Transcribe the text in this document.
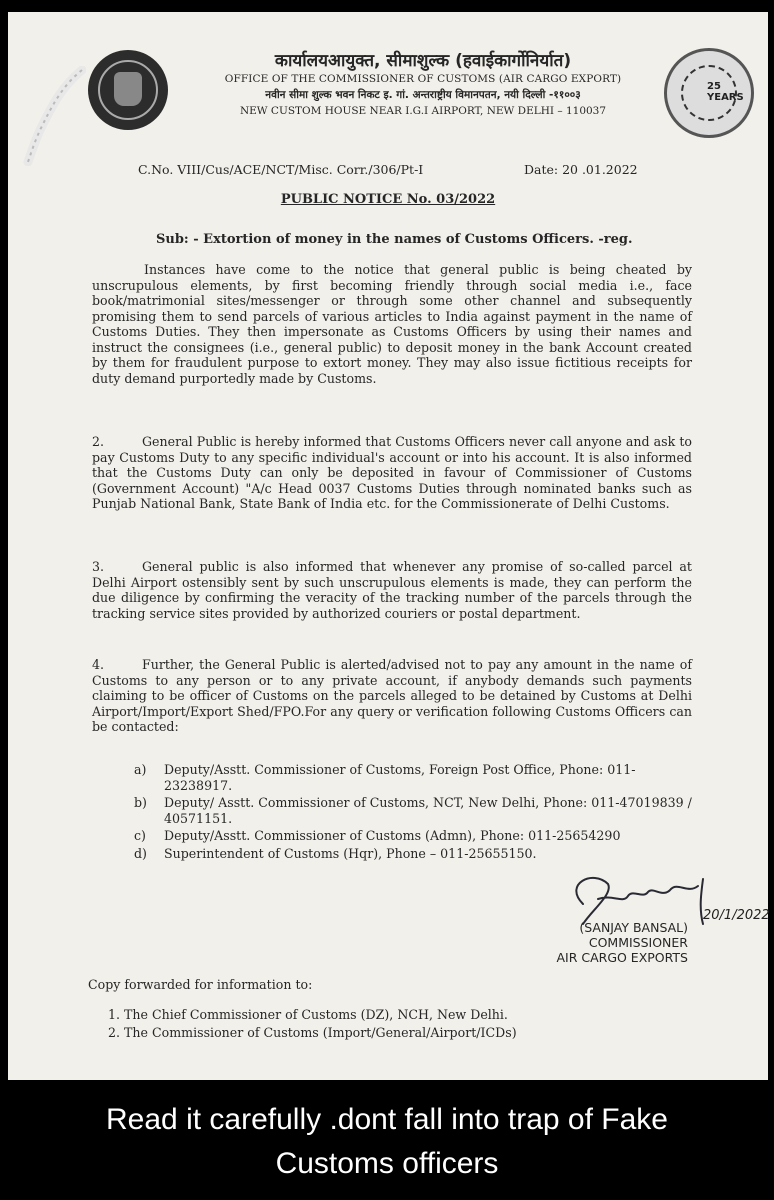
कार्यालयआयुक्त, सीमाशुल्क (हवाईकार्गोनिर्यात)

OFFICE OF THE COMMISSIONER OF CUSTOMS (AIR CARGO EXPORT)

नवीन सीमा शुल्क भवन निकट इ. गां. अन्तराष्ट्रीय विमानपतन, नयी दिल्ली -११००३

NEW CUSTOM HOUSE NEAR I.G.I AIRPORT, NEW DELHI – 110037

25 YEARS
C.No. VIII/Cus/ACE/NCT/Misc. Corr./306/Pt-I	Date: 20 .01.2022
PUBLIC NOTICE No. 03/2022
Sub: - Extortion of money in the names of Customs Officers. -reg.

Instances have come to the notice that general public is being cheated by unscrupulous elements, by first becoming friendly through social media i.e., face book/matrimonial sites/messenger or through some other channel and subsequently promising them to send parcels of various articles to India against payment in the name of Customs Duties. They then impersonate as Customs Officers by using their names and instruct the consignees (i.e., general public) to deposit money in the bank Account created by them for fraudulent purpose to extort money. They may also issue fictitious receipts for duty demand purportedly made by Customs.

2.	General Public is hereby informed that Customs Officers never call anyone and ask to pay Customs Duty to any specific individual's account or into his account. It is also informed that the Customs Duty can only be deposited in favour of Commissioner of Customs (Government Account) "A/c Head 0037 Customs Duties through nominated banks such as Punjab National Bank, State Bank of India etc. for the Commissionerate of Delhi Customs.

3.	General public is also informed that whenever any promise of so-called parcel at Delhi Airport ostensibly sent by such unscrupulous elements is made, they can perform the due diligence by confirming the veracity of the tracking number of the parcels through the tracking service sites provided by authorized couriers or postal department.

4.	Further, the General Public is alerted/advised not to pay any amount in the name of Customs to any person or to any private account, if anybody demands such payments claiming to be officer of Customs on the parcels alleged to be detained by Customs at Delhi Airport/Import/Export Shed/FPO.For any query or verification following Customs Officers can be contacted:

a) Deputy/Asstt. Commissioner of Customs, Foreign Post Office, Phone: 011-23238917.
b) Deputy/ Asstt. Commissioner of Customs, NCT, New Delhi, Phone: 011-47019839 / 40571151.
c) Deputy/Asstt. Commissioner of Customs (Admn), Phone: 011-25654290
d) Superintendent of Customs (Hqr), Phone – 011-25655150.
20/1/2022
(SANJAY BANSAL)
COMMISSIONER
AIR CARGO EXPORTS
Copy forwarded for information to:
1. The Chief Commissioner of Customs (DZ), NCH, New Delhi.
2. The Commissioner of Customs (Import/General/Airport/ICDs)
Read it carefully .dont fall into trap of Fake
Customs officers
